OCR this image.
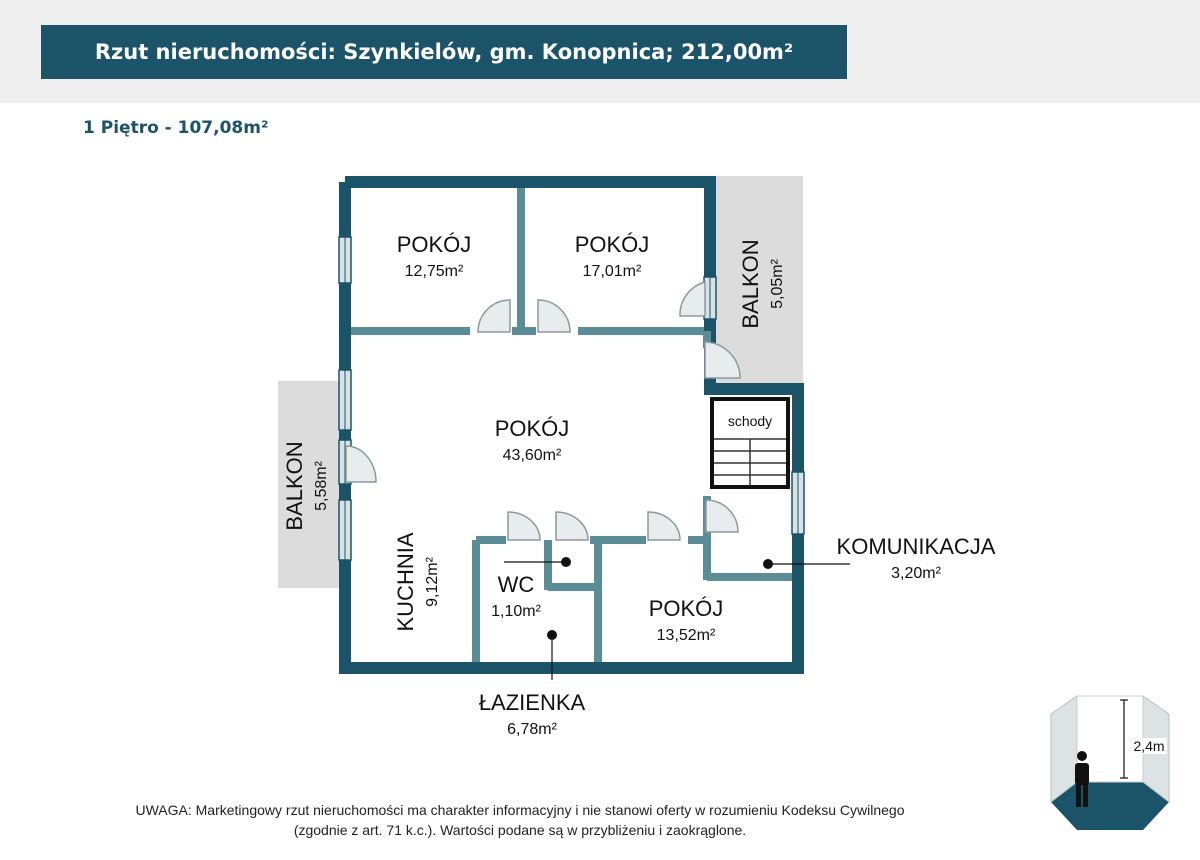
Rzut nieruchomości: Szynkielów, gm. Konopnica; 212,00m²
1 Piętro - 107,08m²
POKÓJ
12,75m²
POKÓJ
17,01m²	BALKON 5,05m²
POKÓJ
43,60m²
schody
BALKON 5,58m²
KUCHNIA 9,12m²	WC
1,10m²	POKÓJ
13,52m²
KOMUNIKACJA
3,20m²
ŁAZIENKA
6,78m²
2,4m
UWAGA: Marketingowy rzut nieruchomości ma charakter informacyjny i nie stanowi oferty w rozumieniu Kodeksu Cywilnego
(zgodnie z art. 71 k.c.). Wartości podane są w przybliżeniu i zaokrąglone.
